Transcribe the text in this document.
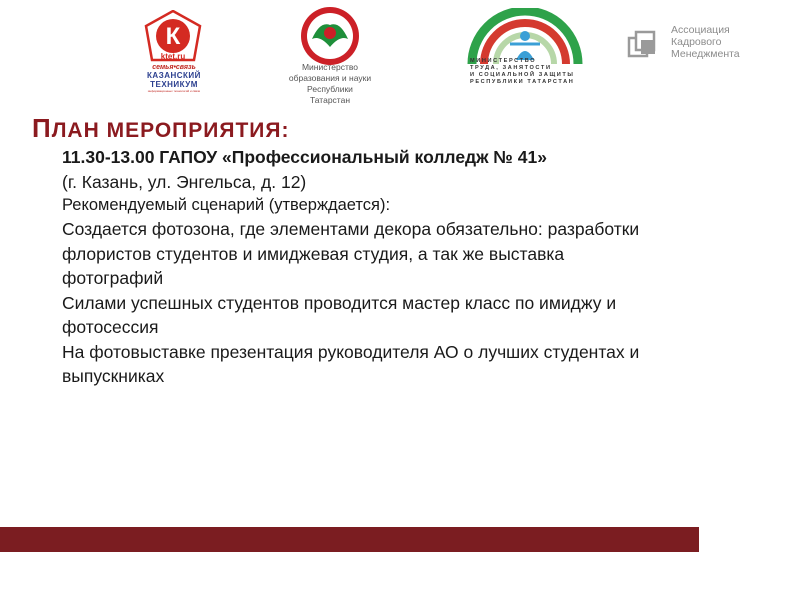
К
ktet.ru
семья•связь
КАЗАНСКИЙ
ТЕХНИКУМ
информационных технологий и связи
Министерство
образования и науки
Республики
Татарстан
МИНИСТЕРСТВО
ТРУДА, ЗАНЯТОСТИ
И СОЦИАЛЬНОЙ ЗАЩИТЫ
РЕСПУБЛИКИ ТАТАРСТАН
Ассоциация
Кадрового
Менеджмента
ПЛАН МЕРОПРИЯТИЯ:
11.30-13.00 ГАПОУ «Профессиональный колледж № 41»
(г. Казань, ул. Энгельса, д. 12)
Рекомендуемый сценарий (утверждается):
Создается фотозона, где элементами декора обязательно: разработки
флористов студентов и имиджевая студия, а так же выставка
фотографий
Силами успешных студентов проводится мастер класс по имиджу и
фотосессия
На фотовыставке презентация руководителя АО о лучших студентах и
выпускниках
